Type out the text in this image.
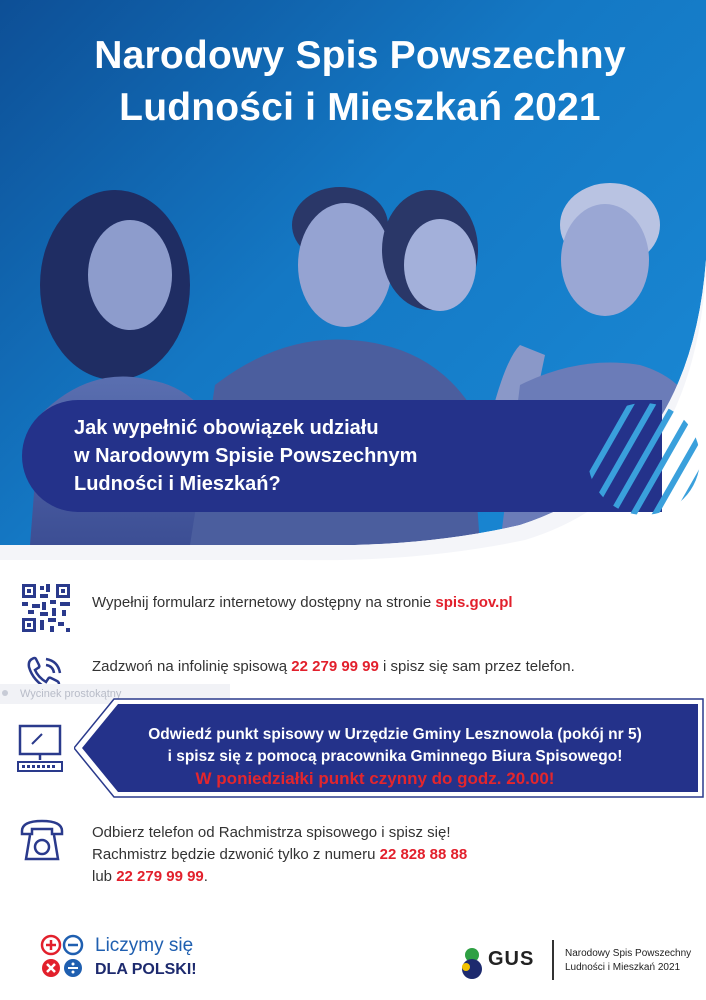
Narodowy Spis Powszechny
Ludności i Mieszkań 2021
Jak wypełnić obowiązek udziału
w Narodowym Spisie Powszechnym
Ludności i Mieszkań?
Wypełnij formularz internetowy dostępny na stronie spis.gov.pl
Zadzwoń na infolinię spisową 22 279 99 99 i spisz się sam przez telefon.
Wycinek prostokątny
Odwiedź punkt spisowy w Urzędzie Gminy Lesznowola (pokój nr 5)
i spisz się z pomocą pracownika Gminnego Biura Spisowego!
W poniedziałki punkt czynny do godz. 20.00!
Odbierz telefon od Rachmistrza spisowego i spisz się!
Rachmistrz będzie dzwonić tylko z numeru 22 828 88 88
lub 22 279 99 99.
Liczymy się
DLA POLSKI!	GUS	Narodowy Spis Powszechny
Ludności i Mieszkań 2021
